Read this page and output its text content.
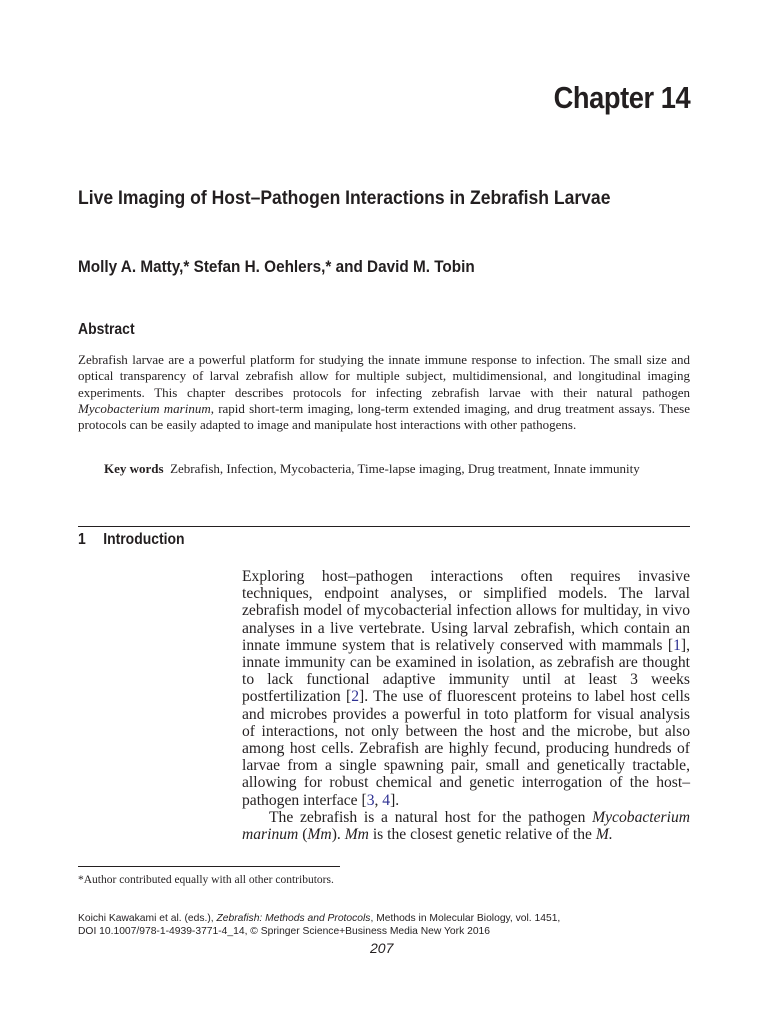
Chapter 14
Live Imaging of Host–Pathogen Interactions in Zebrafish Larvae
Molly A. Matty,* Stefan H. Oehlers,* and David M. Tobin
Abstract
Zebrafish larvae are a powerful platform for studying the innate immune response to infection. The small size and optical transparency of larval zebrafish allow for multiple subject, multidimensional, and longitudinal imaging experiments. This chapter describes protocols for infecting zebrafish larvae with their natural pathogen Mycobacterium marinum, rapid short-term imaging, long-term extended imaging, and drug treatment assays. These protocols can be easily adapted to image and manipulate host interactions with other pathogens.
Key words Zebrafish, Infection, Mycobacteria, Time-lapse imaging, Drug treatment, Innate immunity
1 Introduction

Exploring host–pathogen interactions often requires invasive techniques, endpoint analyses, or simplified models. The larval zebrafish model of mycobacterial infection allows for multiday, in vivo analyses in a live vertebrate. Using larval zebrafish, which contain an innate immune system that is relatively conserved with mammals [1], innate immunity can be examined in isolation, as zebrafish are thought to lack functional adaptive immunity until at least 3 weeks postfertilization [2]. The use of fluorescent proteins to label host cells and microbes provides a powerful in toto platform for visual analysis of interactions, not only between the host and the microbe, but also among host cells. Zebrafish are highly fecund, producing hundreds of larvae from a single spawning pair, small and genetically tractable, allowing for robust chemical and genetic interrogation of the host–pathogen interface [3, 4].

The zebrafish is a natural host for the pathogen Mycobacterium marinum (Mm). Mm is the closest genetic relative of the M.

*Author contributed equally with all other contributors.
Koichi Kawakami et al. (eds.), Zebrafish: Methods and Protocols, Methods in Molecular Biology, vol. 1451,
DOI 10.1007/978-1-4939-3771-4_14, © Springer Science+Business Media New York 2016
207
